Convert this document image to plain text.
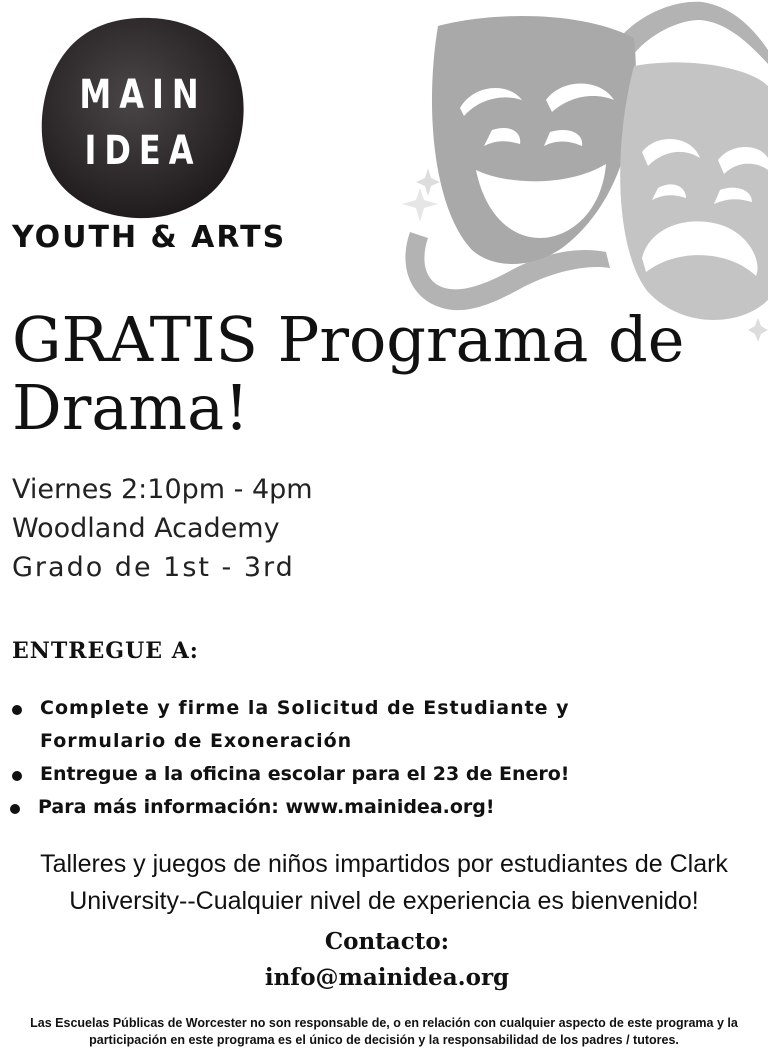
MAIN
IDEA
YOUTH & ARTS
GRATIS Programa de Drama!
Viernes 2:10pm - 4pm
Woodland Academy
Grado de 1st - 3rd
ENTREGUE A:
Complete y firme la Solicitud de Estudiante y
Formulario de Exoneración
Entregue a la oficina escolar para el 23 de Enero!
Para más información: www.mainidea.org!
Talleres y juegos de niños impartidos por estudiantes de Clark University--Cualquier nivel de experiencia es bienvenido!
Contacto:
info@mainidea.org
Las Escuelas Públicas de Worcester no son responsable de, o en relación con cualquier aspecto de este programa y la participación en este programa es el único de decisión y la responsabilidad de los padres / tutores.
